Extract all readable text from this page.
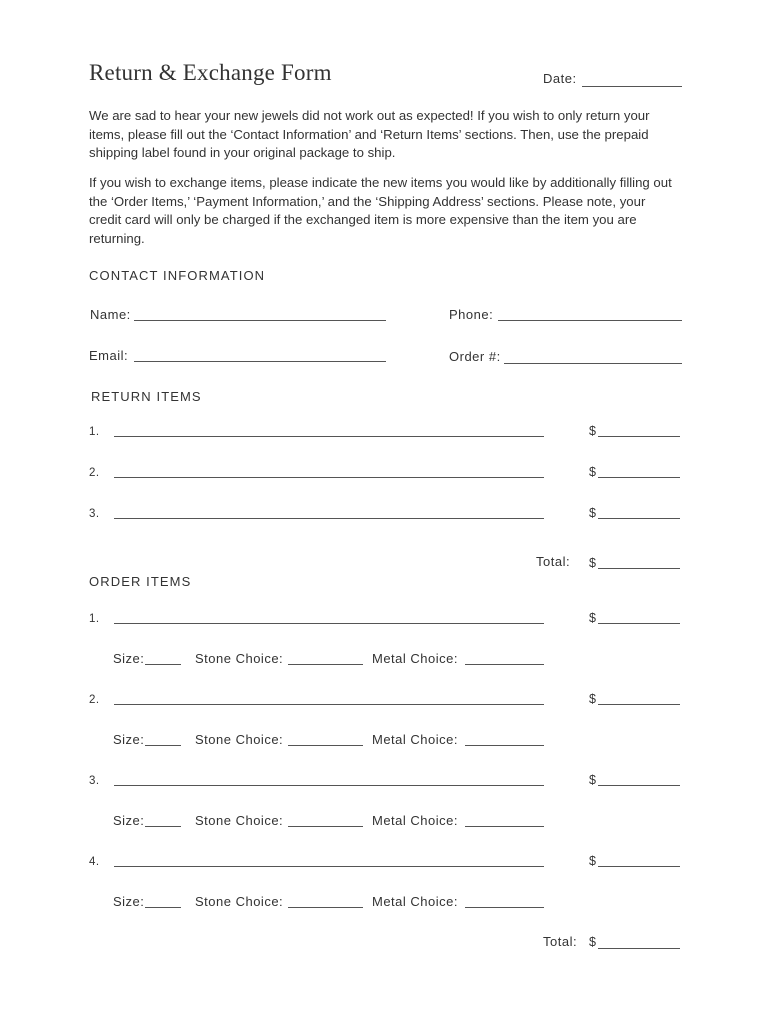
Return & Exchange Form	Date:
We are sad to hear your new jewels did not work out as expected! If you wish to only return your items, please fill out the ‘Contact Information’ and ‘Return Items’ sections. Then, use the prepaid shipping label found in your original package to ship.
If you wish to exchange items, please indicate the new items you would like by additionally filling out the ‘Order Items,’ ‘Payment Information,’ and the ‘Shipping Address’ sections. Please note, your credit card will only be charged if the exchanged item is more expensive than the item you are returning.
CONTACT INFORMATION
Name:	Phone:
Email:	Order #:
RETURN ITEMS
1.	$
2.	$
3.	$
Total: $
ORDER ITEMS
1.	$
Size:	Stone Choice:	Metal Choice:
2.	$
Size:	Stone Choice:	Metal Choice:
3.	$
Size:	Stone Choice:	Metal Choice:
4.	$
Size:	Stone Choice:	Metal Choice:
Total: $
